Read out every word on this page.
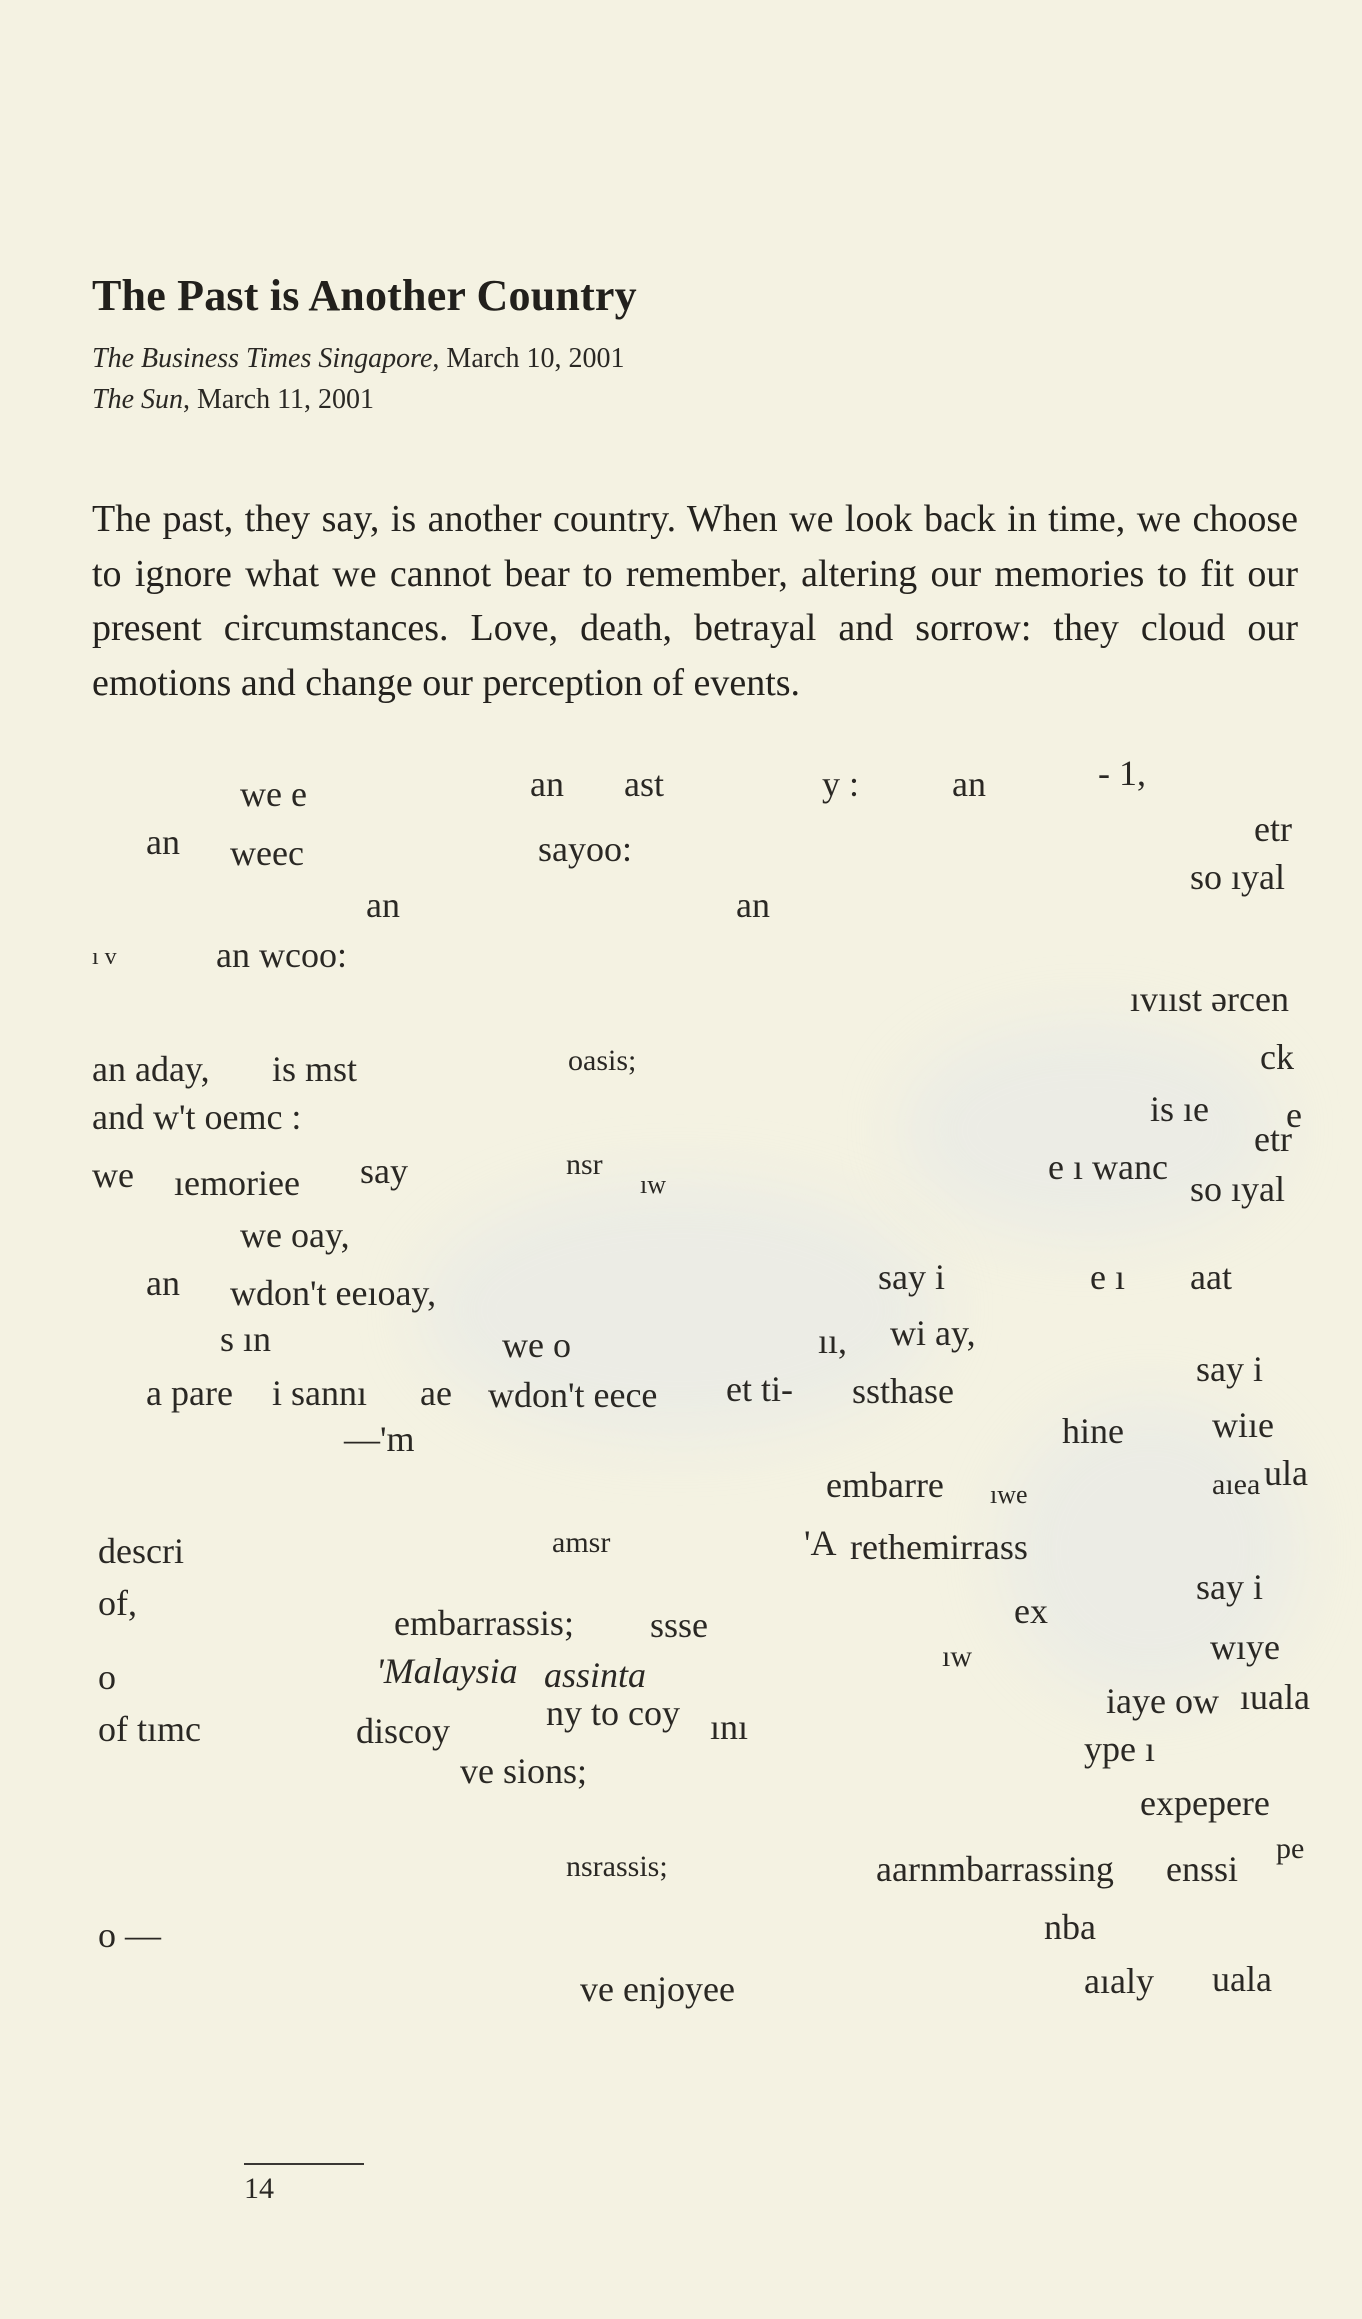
The Past is Another Country
The Business Times Singapore, March 10, 2001
The Sun, March 11, 2001
The past, they say, is another country. When we look back in time, we choose to ignore what we cannot bear to remember, altering our memories to fit our present circumstances. Love, death, betrayal and sorrow: they cloud our emotions and change our perception of events.
we e	an ast	y :	an	- 1,
an weec	sayoo:	etr
an	an
so ıyal
ı v	an wcoo:
ıvııst ərcen
an aday, is mst	oasis;	ck
and w't oemc :	is ıe e
we ıemoriee say	nsr
ıw
etr
e ı wanc
so ıyal
we oay,
an wdon't eeıoay,	say i	e ı aat
s ın	we o	ıı, wi ay,
a pare i sannı ae wdon't eece et ti- ssthase
say i
—'m	hine wiıe
embarre ıwe	aıea ula
descri	amsr	'A rethemirrass
of,	say i
embarrassis; ssse	ex
wıye
o	'Malaysia assinta	ıw
iaye ow ıuala
of tımc	discoy	ny to coy ını
ve sions;
ype ı
expepere
nsrassis;	aarnmbarrassing enssi
pe
o —	nba
ve enjoyee	aıaly uala
14
